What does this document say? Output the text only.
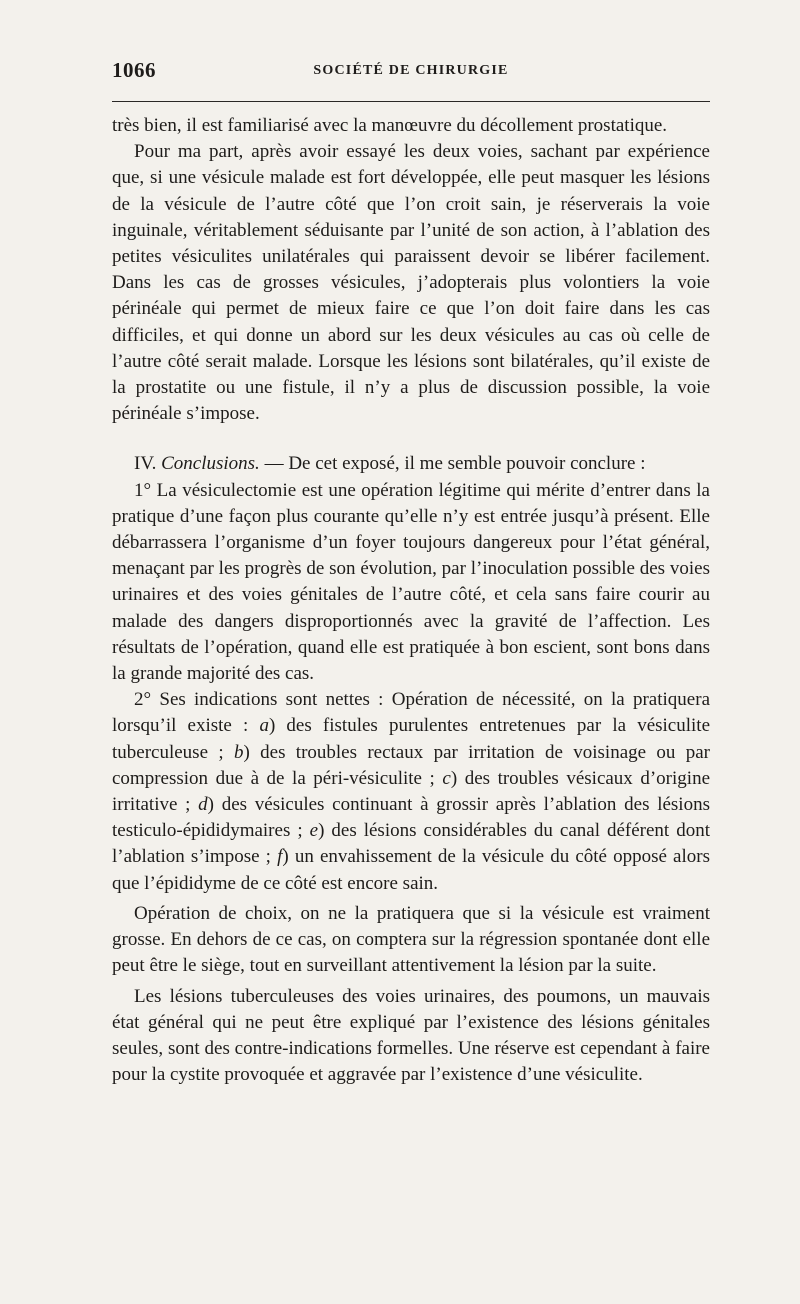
1066	SOCIÉTÉ DE CHIRURGIE

très bien, il est familiarisé avec la manœuvre du décollement prostatique.

Pour ma part, après avoir essayé les deux voies, sachant par expérience que, si une vésicule malade est fort développée, elle peut masquer les lésions de la vésicule de l’autre côté que l’on croit sain, je réserverais la voie inguinale, véritablement séduisante par l’unité de son action, à l’ablation des petites vésiculites unilatérales qui paraissent devoir se libérer facilement. Dans les cas de grosses vésicules, j’adopterais plus volontiers la voie périnéale qui permet de mieux faire ce que l’on doit faire dans les cas difficiles, et qui donne un abord sur les deux vésicules au cas où celle de l’autre côté serait malade. Lorsque les lésions sont bilatérales, qu’il existe de la prostatite ou une fistule, il n’y a plus de discussion possible, la voie périnéale s’impose.

IV. Conclusions. — De cet exposé, il me semble pouvoir conclure :

1° La vésiculectomie est une opération légitime qui mérite d’entrer dans la pratique d’une façon plus courante qu’elle n’y est entrée jusqu’à présent. Elle débarrassera l’organisme d’un foyer toujours dangereux pour l’état général, menaçant par les progrès de son évolution, par l’inoculation possible des voies urinaires et des voies génitales de l’autre côté, et cela sans faire courir au malade des dangers disproportionnés avec la gravité de l’affection. Les résultats de l’opération, quand elle est pratiquée à bon escient, sont bons dans la grande majorité des cas.

2° Ses indications sont nettes : Opération de nécessité, on la pratiquera lorsqu’il existe : a) des fistules purulentes entretenues par la vésiculite tuberculeuse ; b) des troubles rectaux par irritation de voisinage ou par compression due à de la péri-vésiculite ; c) des troubles vésicaux d’origine irritative ; d) des vésicules continuant à grossir après l’ablation des lésions testiculo-épididymaires ; e) des lésions considérables du canal déférent dont l’ablation s’impose ; f) un envahissement de la vésicule du côté opposé alors que l’épididyme de ce côté est encore sain.

Opération de choix, on ne la pratiquera que si la vésicule est vraiment grosse. En dehors de ce cas, on comptera sur la régression spontanée dont elle peut être le siège, tout en surveillant attentivement la lésion par la suite.

Les lésions tuberculeuses des voies urinaires, des poumons, un mauvais état général qui ne peut être expliqué par l’existence des lésions génitales seules, sont des contre-indications formelles. Une réserve est cependant à faire pour la cystite provoquée et aggravée par l’existence d’une vésiculite.
